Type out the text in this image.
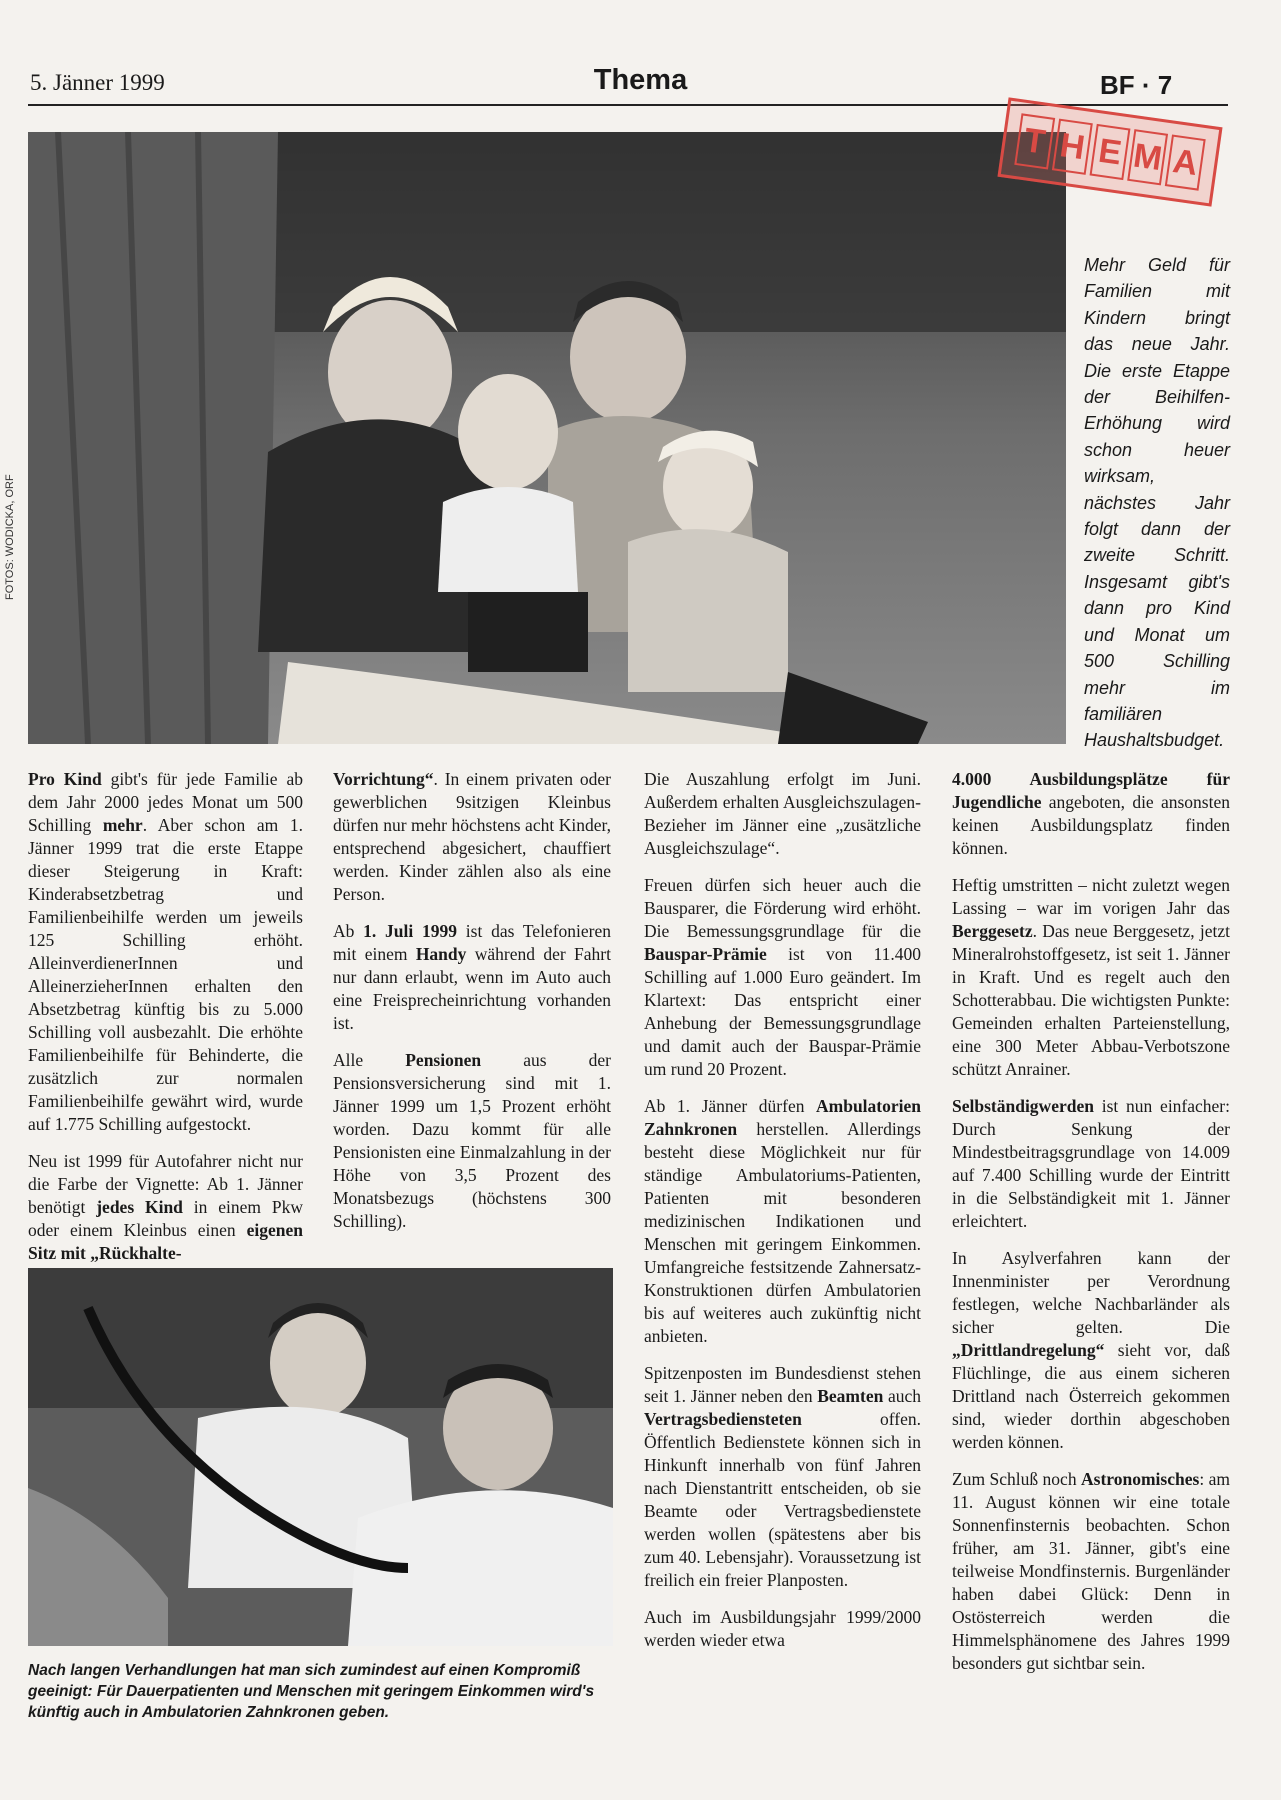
5. Jänner 1999	Thema	BF · 7
FOTOS: WODICKA, ORF
T H E M A
Mehr Geld für Familien mit Kindern bringt das neue Jahr. Die erste Etappe der Beihilfen-Erhöhung wird schon heuer wirksam, nächstes Jahr folgt dann der zweite Schritt. Insgesamt gibt's dann pro Kind und Monat um 500 Schilling mehr im familiären Haushaltsbudget.

Pro Kind gibt's für jede Familie ab dem Jahr 2000 jedes Monat um 500 Schilling mehr. Aber schon am 1. Jänner 1999 trat die erste Etappe dieser Steigerung in Kraft: Kinderabsetzbetrag und Familienbeihilfe werden um jeweils 125 Schilling erhöht. AlleinverdienerInnen und AlleinerzieherInnen erhalten den Absetzbetrag künftig bis zu 5.000 Schilling voll ausbezahlt. Die erhöhte Familienbeihilfe für Behinderte, die zusätzlich zur normalen Familienbeihilfe gewährt wird, wurde auf 1.775 Schilling aufgestockt.

Neu ist 1999 für Autofahrer nicht nur die Farbe der Vignette: Ab 1. Jänner benötigt jedes Kind in einem Pkw oder einem Kleinbus einen eigenen Sitz mit „Rückhalte-

Vorrichtung“. In einem privaten oder gewerblichen 9sitzigen Kleinbus dürfen nur mehr höchstens acht Kinder, entsprechend abgesichert, chauffiert werden. Kinder zählen also als eine Person.

Ab 1. Juli 1999 ist das Telefonieren mit einem Handy während der Fahrt nur dann erlaubt, wenn im Auto auch eine Freisprecheinrichtung vorhanden ist.

Alle Pensionen aus der Pensionsversicherung sind mit 1. Jänner 1999 um 1,5 Prozent erhöht worden. Dazu kommt für alle Pensionisten eine Einmalzahlung in der Höhe von 3,5 Prozent des Monatsbezugs (höchstens 300 Schilling).

Nach langen Verhandlungen hat man sich zumindest auf einen Kompromiß geeinigt: Für Dauerpatienten und Menschen mit geringem Einkommen wird's künftig auch in Ambulatorien Zahnkronen geben.

Die Auszahlung erfolgt im Juni. Außerdem erhalten Ausgleichszulagen-Bezieher im Jänner eine „zusätzliche Ausgleichszulage“.

Freuen dürfen sich heuer auch die Bausparer, die Förderung wird erhöht. Die Bemessungsgrundlage für die Bauspar-Prämie ist von 11.400 Schilling auf 1.000 Euro geändert. Im Klartext: Das entspricht einer Anhebung der Bemessungsgrundlage und damit auch der Bauspar-Prämie um rund 20 Prozent.

Ab 1. Jänner dürfen Ambulatorien Zahnkronen herstellen. Allerdings besteht diese Möglichkeit nur für ständige Ambulatoriums-Patienten, Patienten mit besonderen medizinischen Indikationen und Menschen mit geringem Einkommen. Umfangreiche festsitzende Zahnersatz-Konstruktionen dürfen Ambulatorien bis auf weiteres auch zukünftig nicht anbieten.

Spitzenposten im Bundesdienst stehen seit 1. Jänner neben den Beamten auch Vertragsbediensteten offen. Öffentlich Bedienstete können sich in Hinkunft innerhalb von fünf Jahren nach Dienstantritt entscheiden, ob sie Beamte oder Vertragsbedienstete werden wollen (spätestens aber bis zum 40. Lebensjahr). Voraussetzung ist freilich ein freier Planposten.

Auch im Ausbildungsjahr 1999/2000 werden wieder etwa

4.000 Ausbildungsplätze für Jugendliche angeboten, die ansonsten keinen Ausbildungsplatz finden können.

Heftig umstritten – nicht zuletzt wegen Lassing – war im vorigen Jahr das Berggesetz. Das neue Berggesetz, jetzt Mineralrohstoffgesetz, ist seit 1. Jänner in Kraft. Und es regelt auch den Schotterabbau. Die wichtigsten Punkte: Gemeinden erhalten Parteienstellung, eine 300 Meter Abbau-Verbotszone schützt Anrainer.

Selbständigwerden ist nun einfacher: Durch Senkung der Mindestbeitragsgrundlage von 14.009 auf 7.400 Schilling wurde der Eintritt in die Selbständigkeit mit 1. Jänner erleichtert.

In Asylverfahren kann der Innenminister per Verordnung festlegen, welche Nachbarländer als sicher gelten. Die „Drittlandregelung“ sieht vor, daß Flüchlinge, die aus einem sicheren Drittland nach Österreich gekommen sind, wieder dorthin abgeschoben werden können.

Zum Schluß noch Astronomisches: am 11. August können wir eine totale Sonnenfinsternis beobachten. Schon früher, am 31. Jänner, gibt's eine teilweise Mondfinsternis. Burgenländer haben dabei Glück: Denn in Ostösterreich werden die Himmelsphänomene des Jahres 1999 besonders gut sichtbar sein.
